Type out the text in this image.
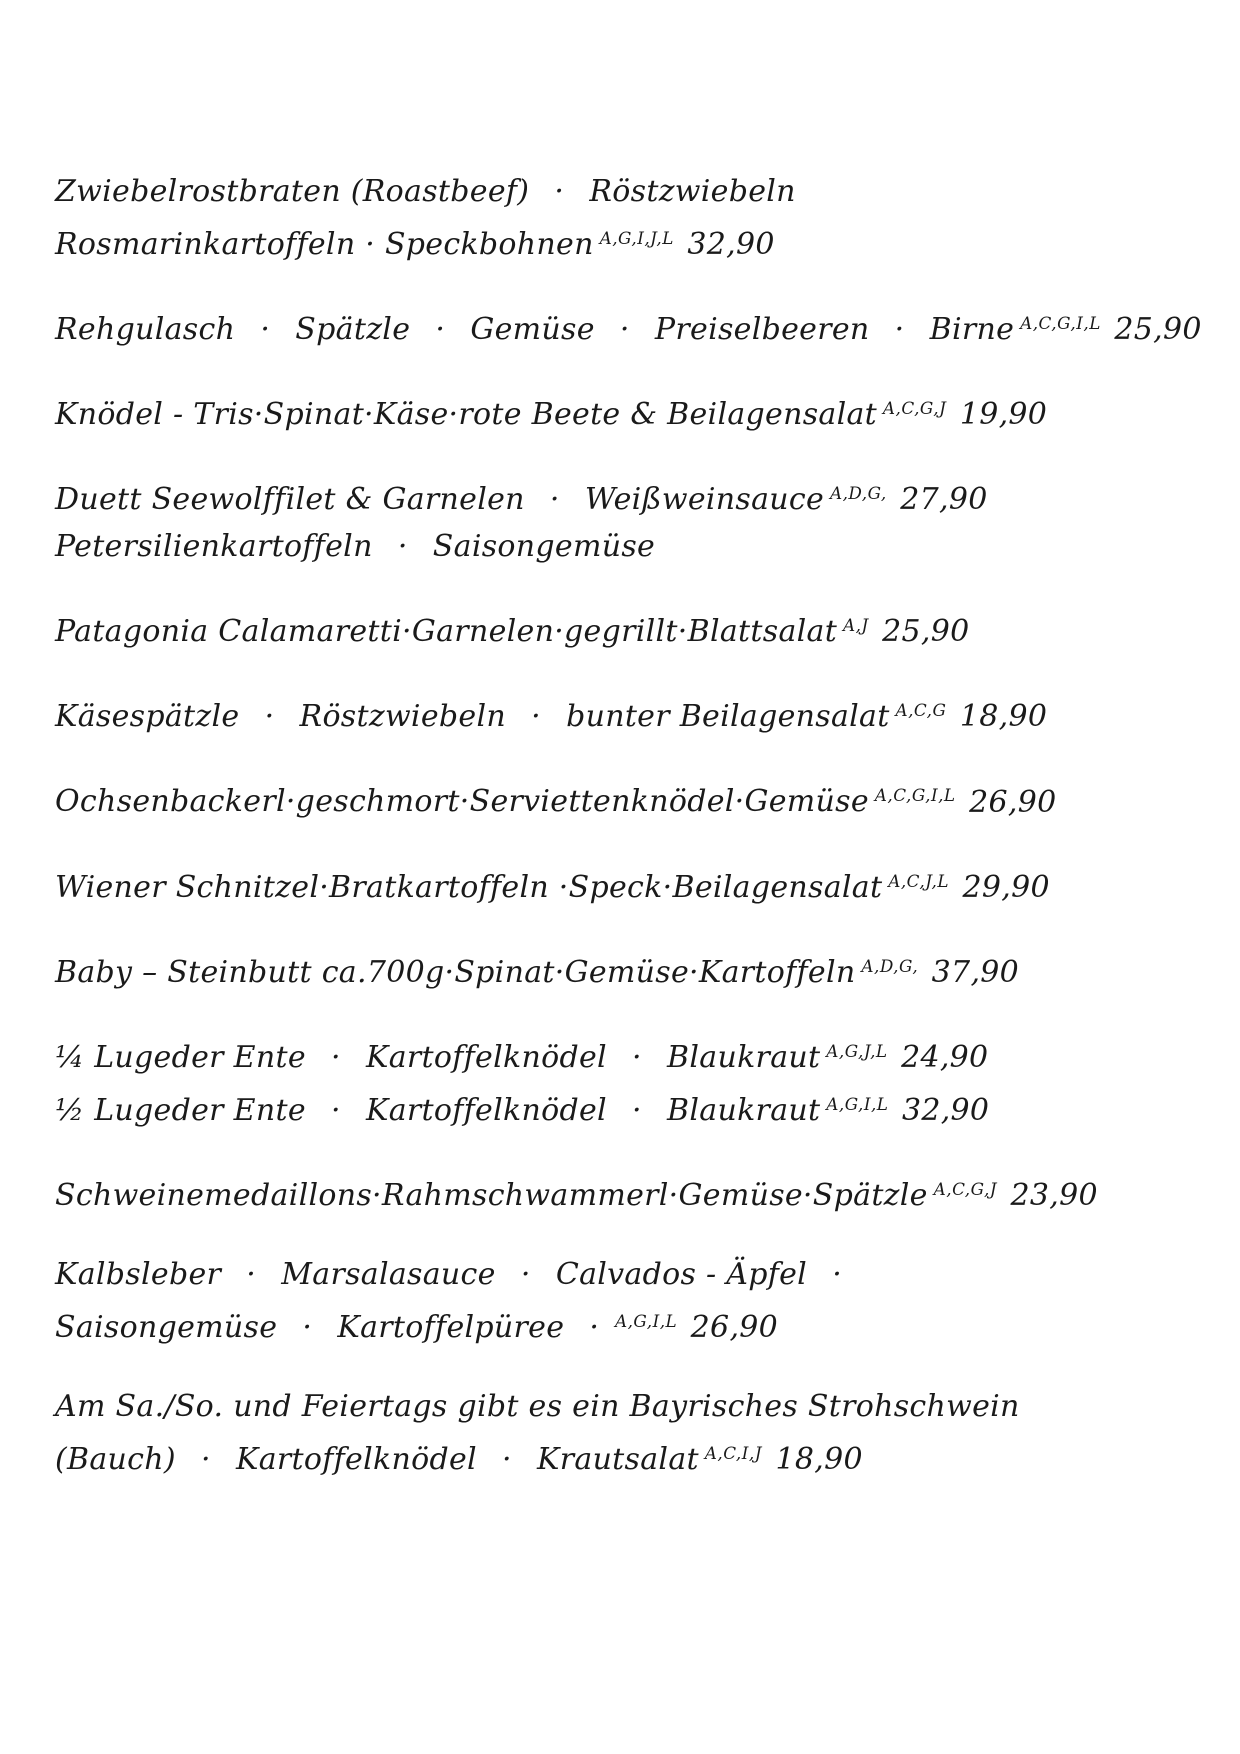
Zwiebelrostbraten (Roastbeef)  ·  Röstzwiebeln
Rosmarinkartoffeln · Speckbohnen $^{A,G,I,J,L}$ 32,90
Rehgulasch  ·  Spätzle  ·  Gemüse  ·  Preiselbeeren  ·  Birne $^{A,C,G,I,L}$ 25,90
Knödel - Tris·Spinat·Käse·rote Beete & Beilagensalat $^{A,C,G,J}$ 19,90
Duett Seewolffilet & Garnelen  ·  Weißweinsauce $^{A,D,G,}$ 27,90
Petersilienkartoffeln  ·  Saisongemüse
Patagonia Calamaretti·Garnelen·gegrillt·Blattsalat $^{A,J}$ 25,90
Käsespätzle  ·  Röstzwiebeln  ·  bunter Beilagensalat $^{A,C,G}$ 18,90
Ochsenbackerl·geschmort·Serviettenknödel·Gemüse $^{A,C,G,I,L}$ 26,90
Wiener Schnitzel·Bratkartoffeln ·Speck·Beilagensalat $^{A,C,J,L}$ 29,90
Baby – Steinbutt ca.700g·Spinat·Gemüse·Kartoffeln $^{A,D,G,}$ 37,90
¼ Lugeder Ente  ·  Kartoffelknödel  ·  Blaukraut $^{A,G,J,L}$ 24,90
½ Lugeder Ente  ·  Kartoffelknödel  ·  Blaukraut $^{A,G,I,L}$ 32,90
Schweinemedaillons·Rahmschwammerl·Gemüse·Spätzle $^{A,C,G,J}$ 23,90
Kalbsleber  ·  Marsalasauce  ·  Calvados - Äpfel  ·
Saisongemüse  ·  Kartoffelpüree  · $^{A,G,I,L}$ 26,90
Am Sa./So. und Feiertags gibt es ein Bayrisches Strohschwein
(Bauch)  ·  Kartoffelknödel  ·  Krautsalat $^{A,C,I,J}$ 18,90
